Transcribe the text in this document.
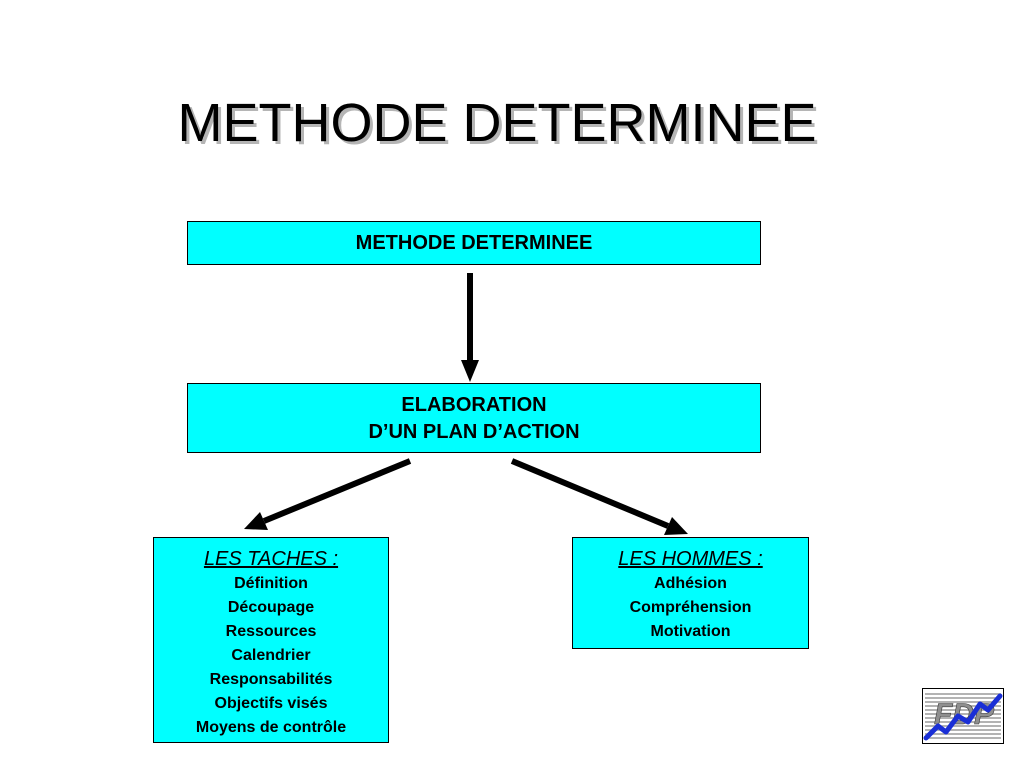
METHODE DETERMINEE
METHODE DETERMINEE
ELABORATION
D’UN PLAN D’ACTION
LES TACHES :
Définition
Découpage
Ressources
Calendrier
Responsabilités
Objectifs visés
Moyens de contrôle
LES HOMMES :
Adhésion
Compréhension
Motivation
FDP
